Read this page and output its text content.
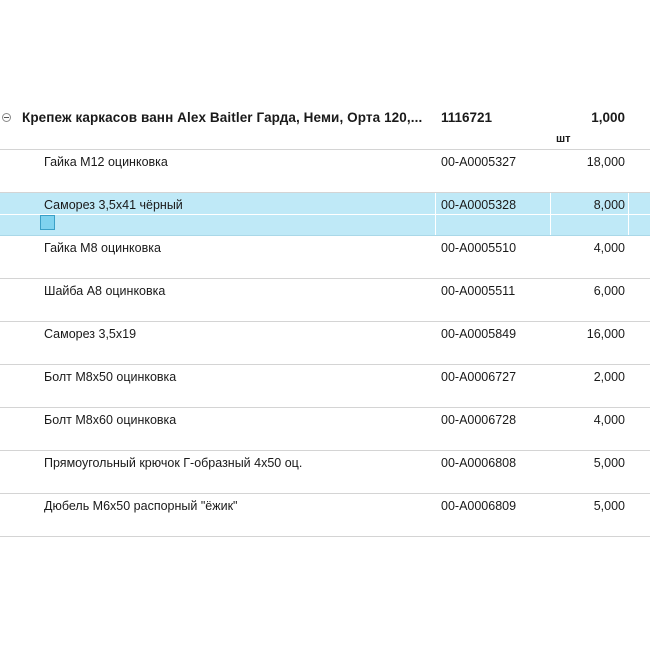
Крепеж каркасов ванн Alex Baitler Гарда, Неми, Орта 120,...	1116721	1,000
шт
Гайка М12 оцинковка	00-А0005327	18,000
Саморез 3,5х41 чёрный	00-А0005328	8,000
Гайка М8 оцинковка	00-А0005510	4,000
Шайба А8 оцинковка	00-А0005511	6,000
Саморез 3,5х19	00-А0005849	16,000
Болт М8х50 оцинковка	00-А0006727	2,000
Болт М8х60 оцинковка	00-А0006728	4,000
Прямоугольный крючок Г-образный 4х50 оц.	00-А0006808	5,000
Дюбель М6х50 распорный "ёжик"	00-А0006809	5,000
